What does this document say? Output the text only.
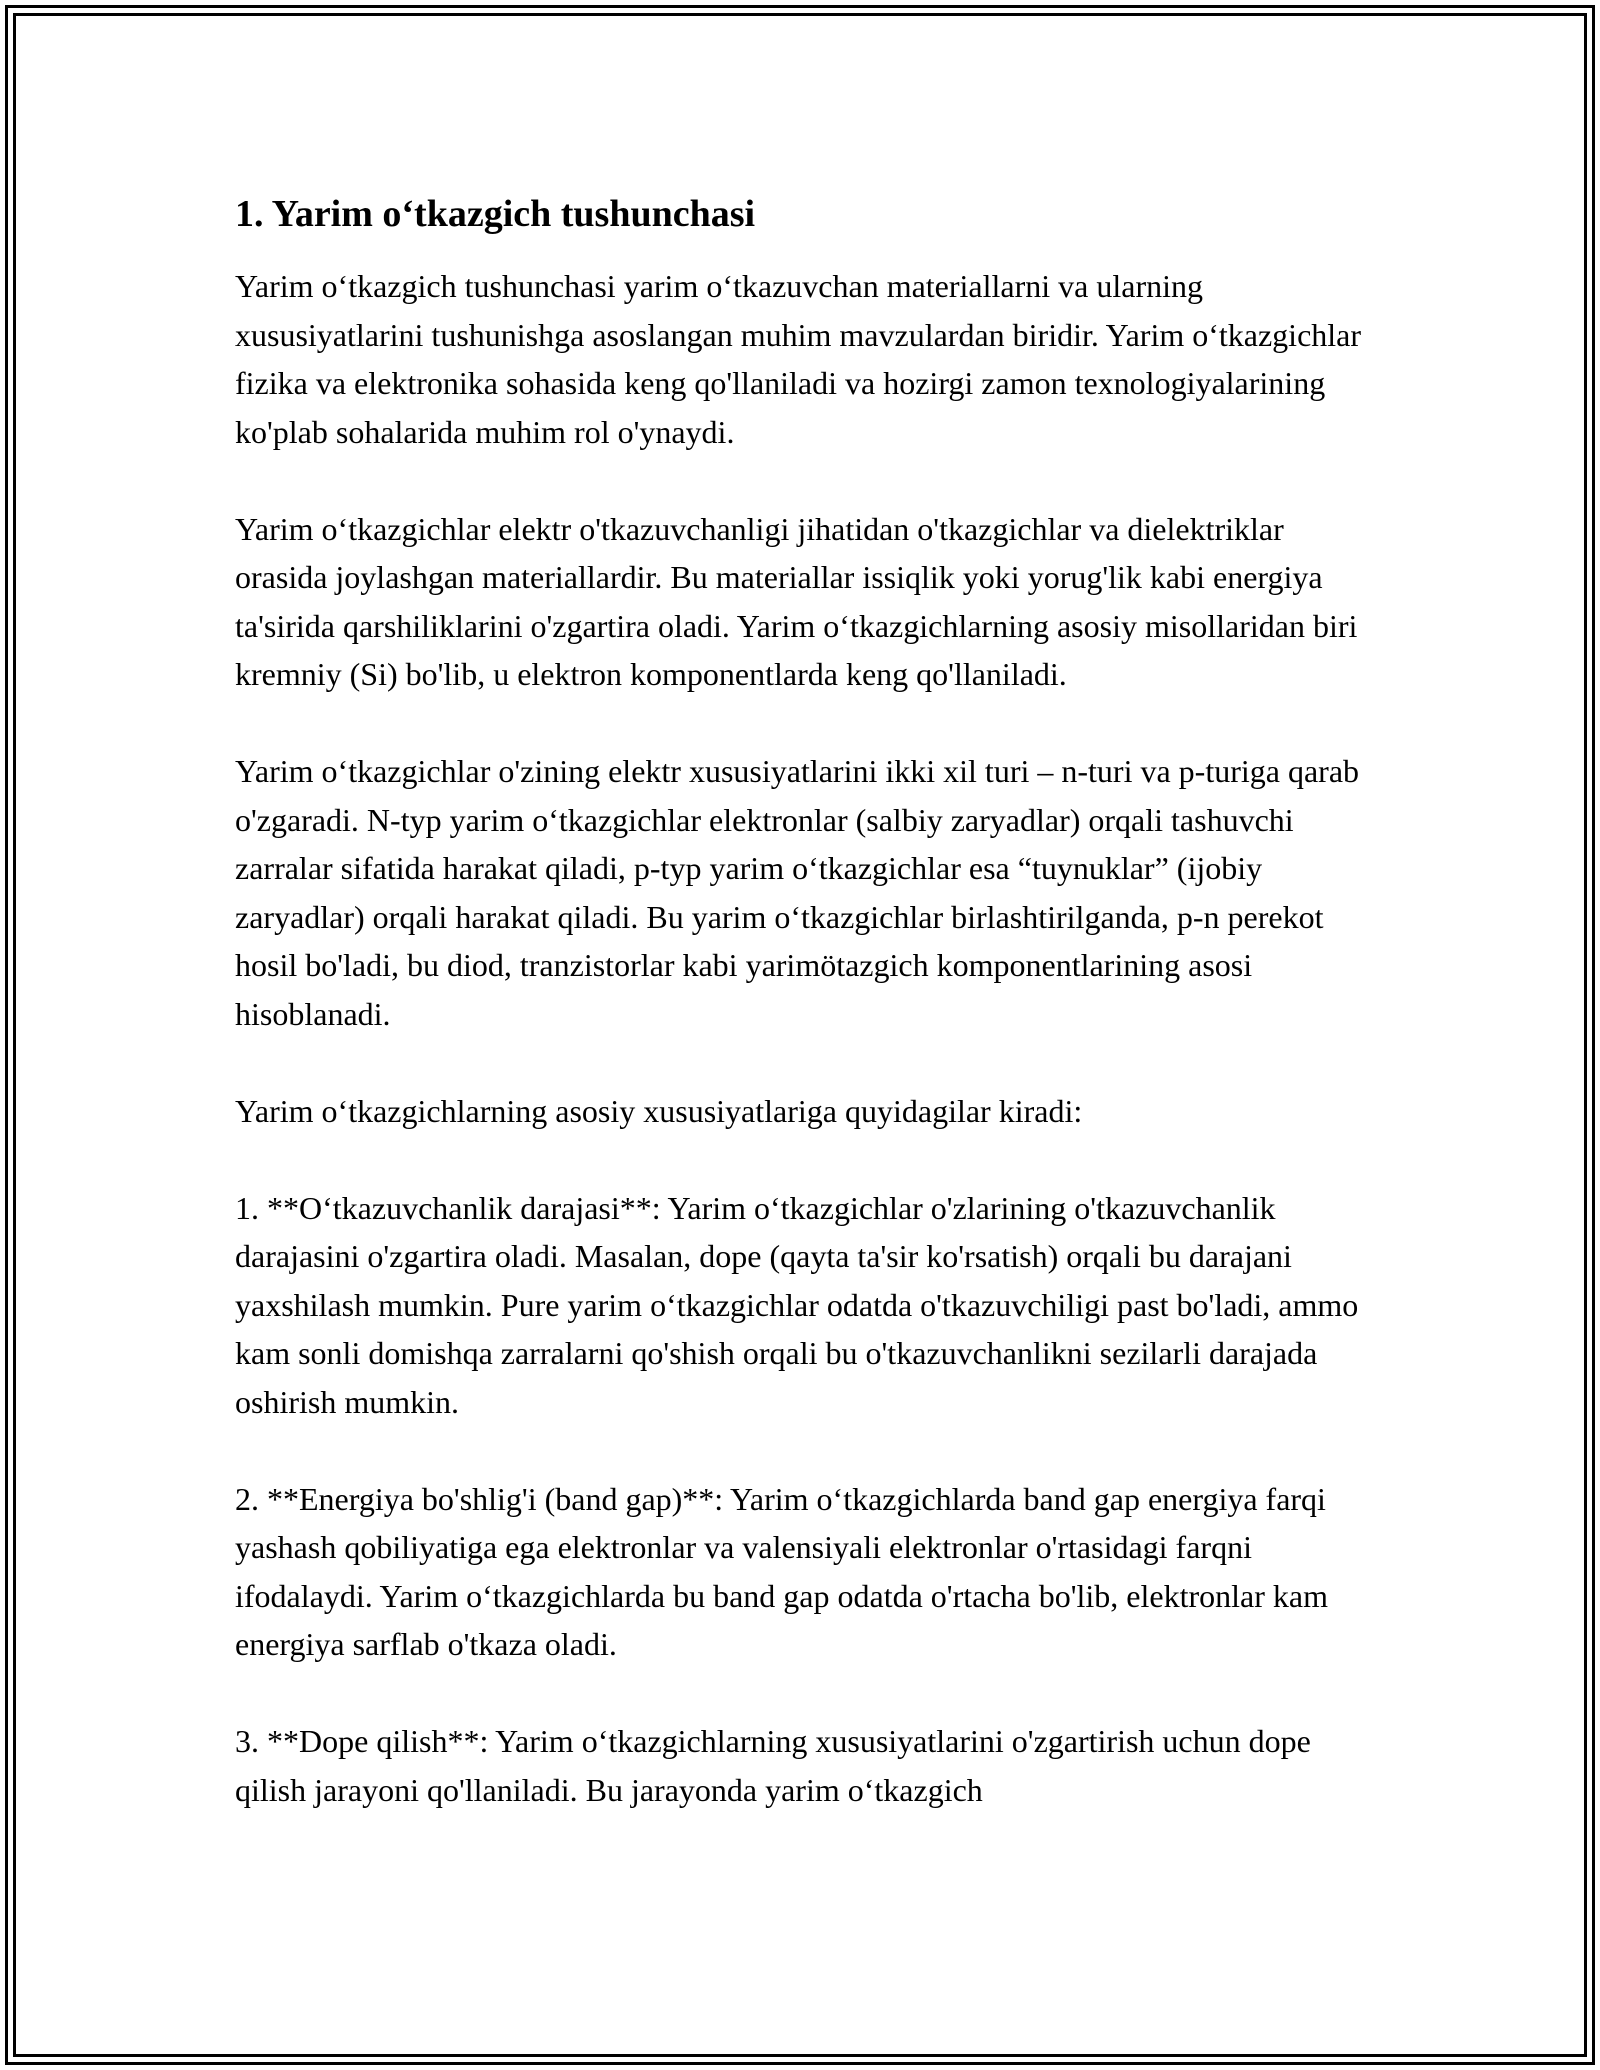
1. Yarim o‘tkazgich tushunchasi

Yarim o‘tkazgich tushunchasi yarim o‘tkazuvchan materiallarni va ularning xususiyatlarini tushunishga asoslangan muhim mavzulardan biridir. Yarim o‘tkazgichlar fizika va elektronika sohasida keng qo'llaniladi va hozirgi zamon texnologiyalarining ko'plab sohalarida muhim rol o'ynaydi.

Yarim o‘tkazgichlar elektr o'tkazuvchanligi jihatidan o'tkazgichlar va dielektriklar orasida joylashgan materiallardir. Bu materiallar issiqlik yoki yorug'lik kabi energiya ta'sirida qarshiliklarini o'zgartira oladi. Yarim o‘tkazgichlarning asosiy misollaridan biri kremniy (Si) bo'lib, u elektron komponentlarda keng qo'llaniladi.

Yarim o‘tkazgichlar o'zining elektr xususiyatlarini ikki xil turi – n-turi va p-turiga qarab o'zgaradi. N-typ yarim o‘tkazgichlar elektronlar (salbiy zaryadlar) orqali tashuvchi zarralar sifatida harakat qiladi, p-typ yarim o‘tkazgichlar esa “tuynuklar” (ijobiy zaryadlar) orqali harakat qiladi. Bu yarim o‘tkazgichlar birlashtirilganda, p-n perekot hosil bo'ladi, bu diod, tranzistorlar kabi yarimötazgich komponentlarining asosi hisoblanadi.

Yarim o‘tkazgichlarning asosiy xususiyatlariga quyidagilar kiradi:

1. **O‘tkazuvchanlik darajasi**: Yarim o‘tkazgichlar o'zlarining o'tkazuvchanlik darajasini o'zgartira oladi. Masalan, dope (qayta ta'sir ko'rsatish) orqali bu darajani yaxshilash mumkin. Pure yarim o‘tkazgichlar odatda o'tkazuvchiligi past bo'ladi, ammo kam sonli domishqa zarralarni qo'shish orqali bu o'tkazuvchanlikni sezilarli darajada oshirish mumkin.

2. **Energiya bo'shlig'i (band gap)**: Yarim o‘tkazgichlarda band gap energiya farqi yashash qobiliyatiga ega elektronlar va valensiyali elektronlar o'rtasidagi farqni ifodalaydi. Yarim o‘tkazgichlarda bu band gap odatda o'rtacha bo'lib, elektronlar kam energiya sarflab o'tkaza oladi.

3. **Dope qilish**: Yarim o‘tkazgichlarning xususiyatlarini o'zgartirish uchun dope qilish jarayoni qo'llaniladi. Bu jarayonda yarim o‘tkazgich
